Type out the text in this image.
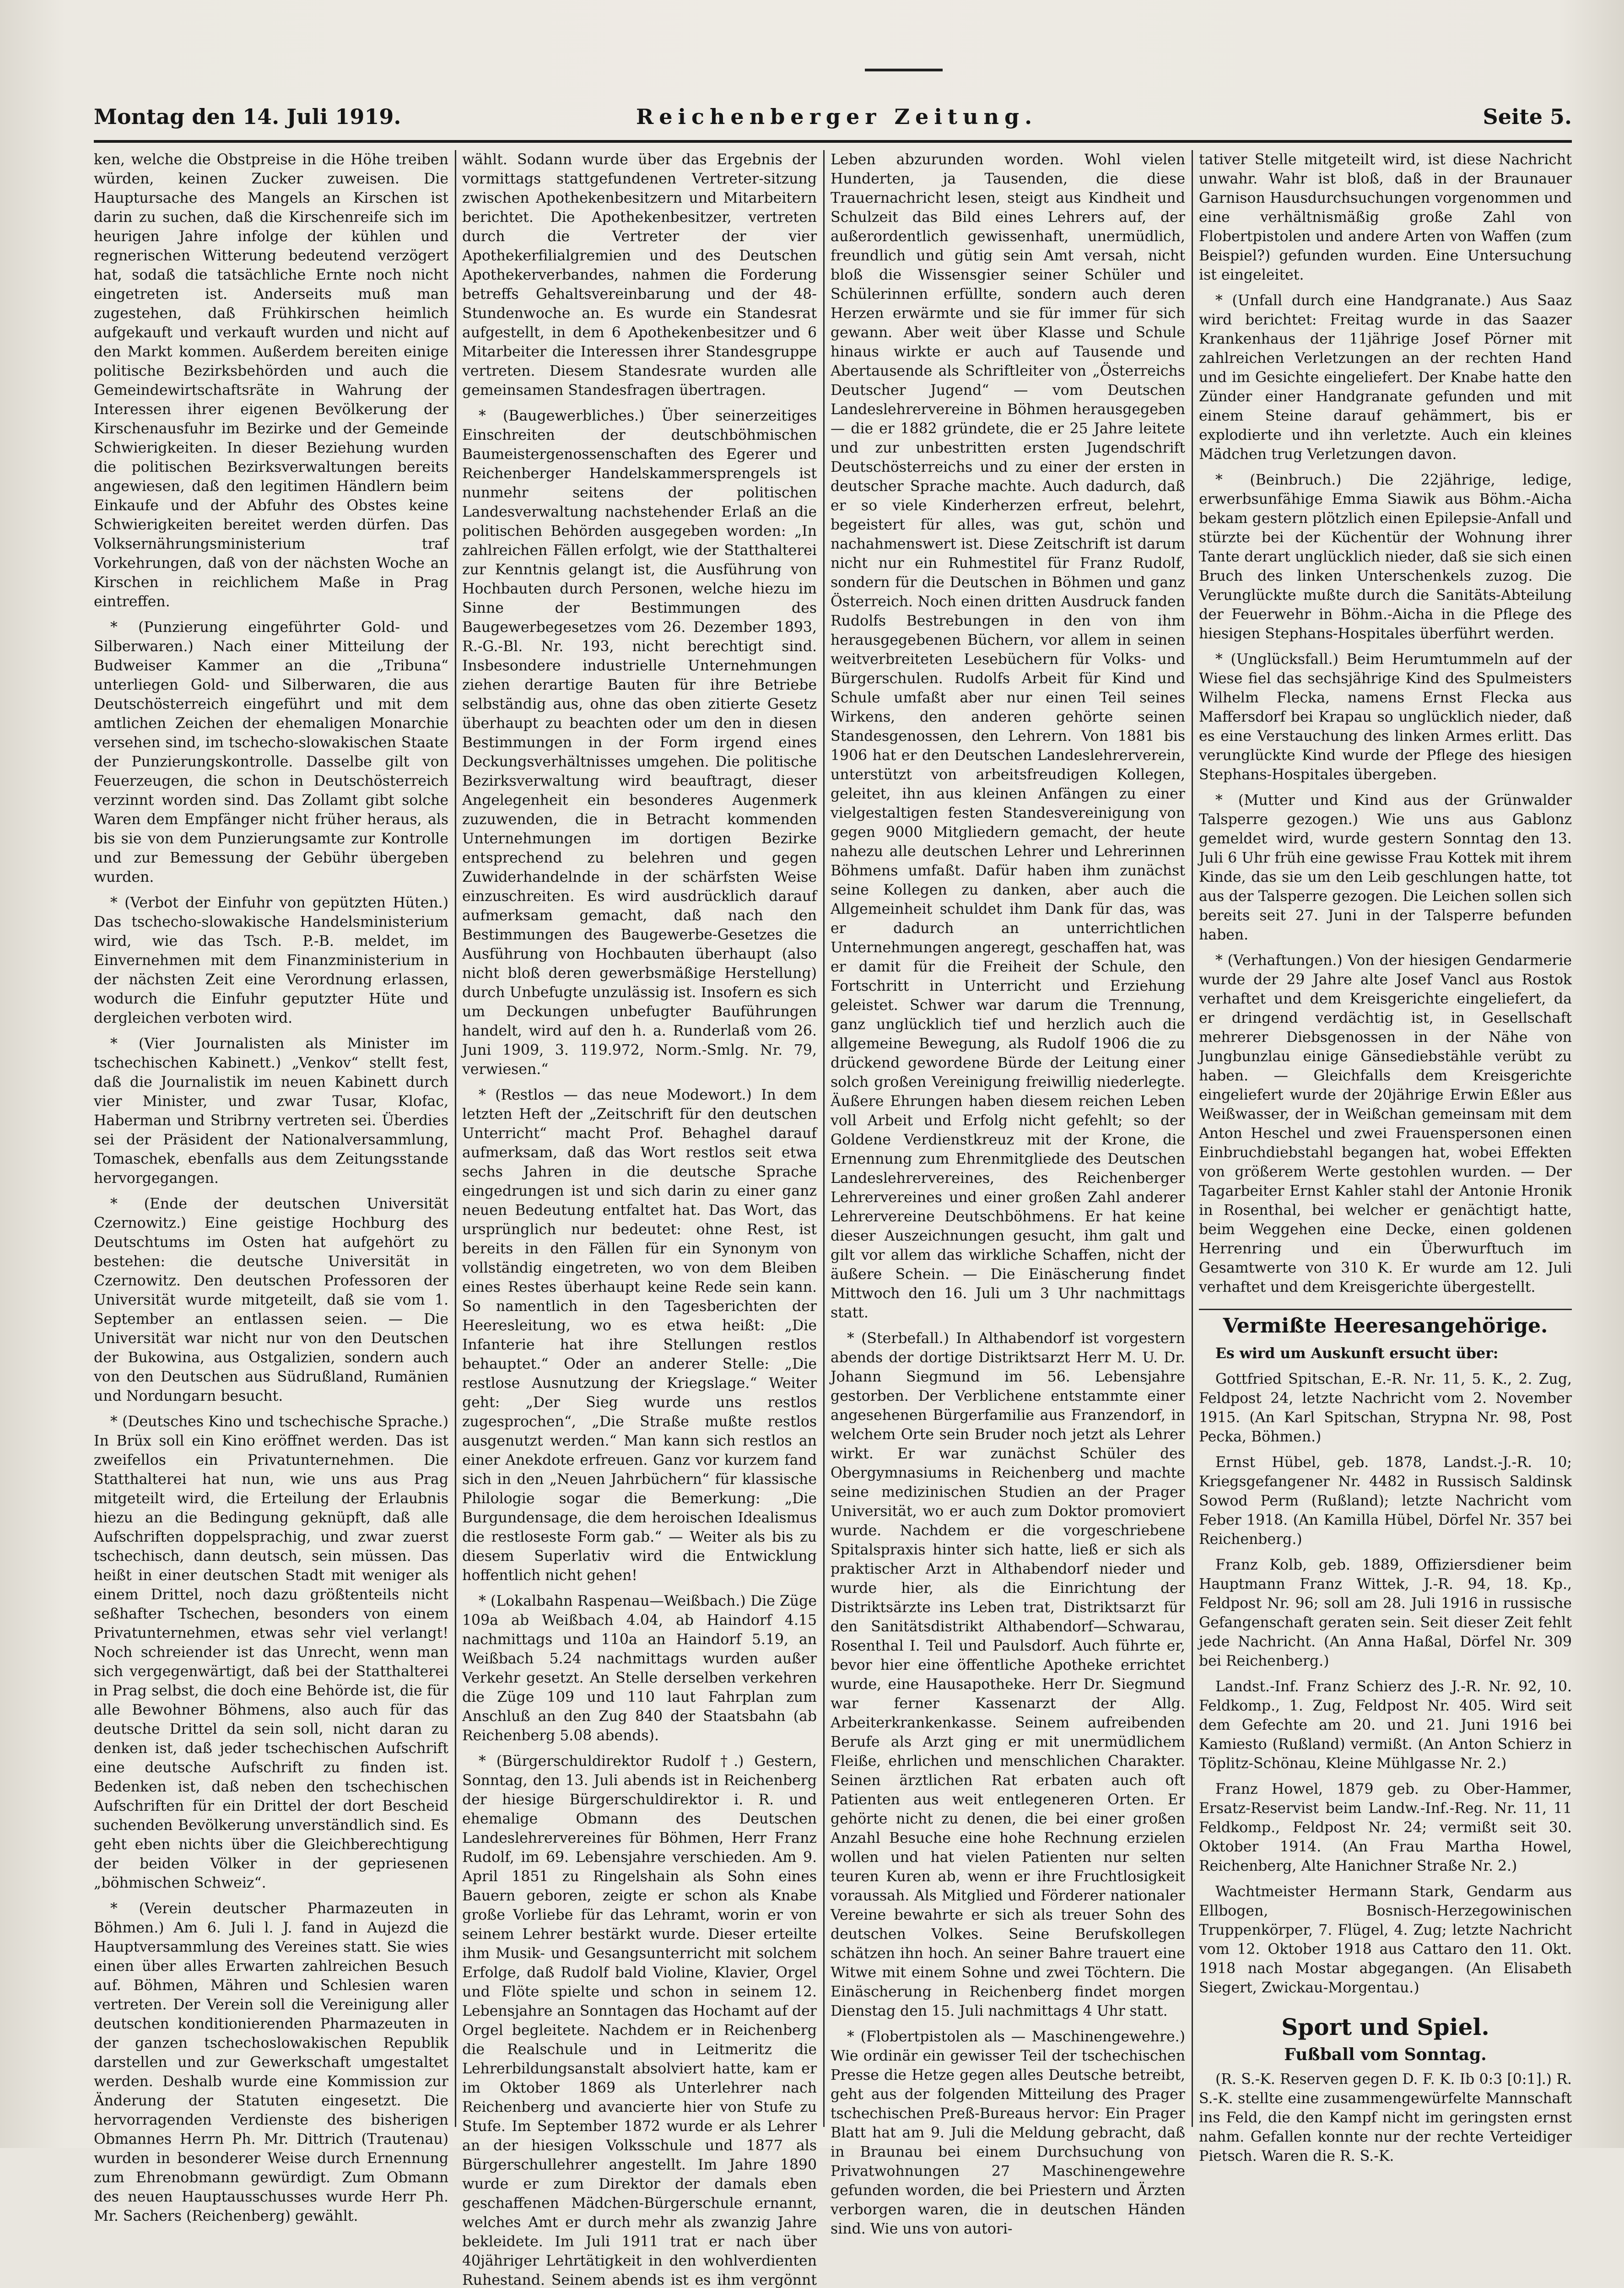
Montag den 14. Juli 1919.	Reichenberger Zeitung.	Seite 5.

ken, welche die Obstpreise in die Höhe treiben würden, keinen Zucker zuweisen. Die Hauptursache des Mangels an Kirschen ist darin zu suchen, daß die Kirschenreife sich im heurigen Jahre infolge der kühlen und regnerischen Witterung bedeutend verzögert hat, sodaß die tatsächliche Ernte noch nicht eingetreten ist. Anderseits muß man zugestehen, daß Frühkirschen heimlich aufgekauft und verkauft wurden und nicht auf den Markt kommen. Außerdem bereiten einige politische Bezirksbehörden und auch die Gemeindewirtschaftsräte in Wahrung der Interessen ihrer eigenen Bevölkerung der Kirschenausfuhr im Bezirke und der Gemeinde Schwierigkeiten. In dieser Beziehung wurden die politischen Bezirksverwaltungen bereits angewiesen, daß den legitimen Händlern beim Einkaufe und der Abfuhr des Obstes keine Schwierigkeiten bereitet werden dürfen. Das Volksernährungsministerium traf Vorkehrungen, daß von der nächsten Woche an Kirschen in reichlichem Maße in Prag eintreffen.

* (Punzierung eingeführter Gold- und Silberwaren.) Nach einer Mitteilung der Budweiser Kammer an die „Tribuna“ unterliegen Gold- und Silberwaren, die aus Deutschösterreich eingeführt und mit dem amtlichen Zeichen der ehemaligen Monarchie versehen sind, im tschecho-slowakischen Staate der Punzierungskontrolle. Dasselbe gilt von Feuerzeugen, die schon in Deutschösterreich verzinnt worden sind. Das Zollamt gibt solche Waren dem Empfänger nicht früher heraus, als bis sie von dem Punzierungsamte zur Kontrolle und zur Bemessung der Gebühr übergeben wurden.

* (Verbot der Einfuhr von gepützten Hüten.) Das tschecho-slowakische Handelsministerium wird, wie das Tsch. P.-B. meldet, im Einvernehmen mit dem Finanzministerium in der nächsten Zeit eine Verordnung erlassen, wodurch die Einfuhr geputzter Hüte und dergleichen verboten wird.

* (Vier Journalisten als Minister im tschechischen Kabinett.) „Venkov“ stellt fest, daß die Journalistik im neuen Kabinett durch vier Minister, und zwar Tusar, Klofac, Haberman und Stribrny vertreten sei. Überdies sei der Präsident der Nationalversammlung, Tomaschek, ebenfalls aus dem Zeitungsstande hervorgegangen.

* (Ende der deutschen Universität Czernowitz.) Eine geistige Hochburg des Deutschtums im Osten hat aufgehört zu bestehen: die deutsche Universität in Czernowitz. Den deutschen Professoren der Universität wurde mitgeteilt, daß sie vom 1. September an entlassen seien. — Die Universität war nicht nur von den Deutschen der Bukowina, aus Ostgalizien, sondern auch von den Deutschen aus Südrußland, Rumänien und Nordungarn besucht.

* (Deutsches Kino und tschechische Sprache.) In Brüx soll ein Kino eröffnet werden. Das ist zweifellos ein Privatunternehmen. Die Statthalterei hat nun, wie uns aus Prag mitgeteilt wird, die Erteilung der Erlaubnis hiezu an die Bedingung geknüpft, daß alle Aufschriften doppelsprachig, und zwar zuerst tschechisch, dann deutsch, sein müssen. Das heißt in einer deutschen Stadt mit weniger als einem Drittel, noch dazu größtenteils nicht seßhafter Tschechen, besonders von einem Privatunternehmen, etwas sehr viel verlangt! Noch schreiender ist das Unrecht, wenn man sich vergegenwärtigt, daß bei der Statthalterei in Prag selbst, die doch eine Behörde ist, die für alle Bewohner Böhmens, also auch für das deutsche Drittel da sein soll, nicht daran zu denken ist, daß jeder tschechischen Aufschrift eine deutsche Aufschrift zu finden ist. Bedenken ist, daß neben den tschechischen Aufschriften für ein Drittel der dort Bescheid suchenden Bevölkerung unverständlich sind. Es geht eben nichts über die Gleichberechtigung der beiden Völker in der gepriesenen „böhmischen Schweiz“.

* (Verein deutscher Pharmazeuten in Böhmen.) Am 6. Juli l. J. fand in Aujezd die Hauptversammlung des Vereines statt. Sie wies einen über alles Erwarten zahlreichen Besuch auf. Böhmen, Mähren und Schlesien waren vertreten. Der Verein soll die Vereinigung aller deutschen konditionierenden Pharmazeuten in der ganzen tschechoslowakischen Republik darstellen und zur Gewerkschaft umgestaltet werden. Deshalb wurde eine Kommission zur Änderung der Statuten eingesetzt. Die hervorragenden Verdienste des bisherigen Obmannes Herrn Ph. Mr. Dittrich (Trautenau) wurden in besonderer Weise durch Ernennung zum Ehrenobmann gewürdigt. Zum Obmann des neuen Hauptausschusses wurde Herr Ph. Mr. Sachers (Reichenberg) gewählt.

wählt. Sodann wurde über das Ergebnis der vormittags stattgefundenen Vertreter-sitzung zwischen Apothekenbesitzern und Mitarbeitern berichtet. Die Apothekenbesitzer, vertreten durch die Vertreter der vier Apothekerfilialgremien und des Deutschen Apothekerverbandes, nahmen die Forderung betreffs Gehaltsvereinbarung und der 48-Stundenwoche an. Es wurde ein Standesrat aufgestellt, in dem 6 Apothekenbesitzer und 6 Mitarbeiter die Interessen ihrer Standesgruppe vertreten. Diesem Standesrate wurden alle gemeinsamen Standesfragen übertragen.

* (Baugewerbliches.) Über seinerzeitiges Einschreiten der deutschböhmischen Baumeistergenossenschaften des Egerer und Reichenberger Handelskammersprengels ist nunmehr seitens der politischen Landesverwaltung nachstehender Erlaß an die politischen Behörden ausgegeben worden: „In zahlreichen Fällen erfolgt, wie der Statthalterei zur Kenntnis gelangt ist, die Ausführung von Hochbauten durch Personen, welche hiezu im Sinne der Bestimmungen des Baugewerbegesetzes vom 26. Dezember 1893, R.-G.-Bl. Nr. 193, nicht berechtigt sind. Insbesondere industrielle Unternehmungen ziehen derartige Bauten für ihre Betriebe selbständig aus, ohne das oben zitierte Gesetz überhaupt zu beachten oder um den in diesen Bestimmungen in der Form irgend eines Deckungsverhältnisses umgehen. Die politische Bezirksverwaltung wird beauftragt, dieser Angelegenheit ein besonderes Augenmerk zuzuwenden, die in Betracht kommenden Unternehmungen im dortigen Bezirke entsprechend zu belehren und gegen Zuwiderhandelnde in der schärfsten Weise einzuschreiten. Es wird ausdrücklich darauf aufmerksam gemacht, daß nach den Bestimmungen des Baugewerbe-Gesetzes die Ausführung von Hochbauten überhaupt (also nicht bloß deren gewerbsmäßige Herstellung) durch Unbefugte unzulässig ist. Insofern es sich um Deckungen unbefugter Bauführungen handelt, wird auf den h. a. Runderlaß vom 26. Juni 1909, 3. 119.972, Norm.-Smlg. Nr. 79, verwiesen.“

* (Restlos — das neue Modewort.) In dem letzten Heft der „Zeitschrift für den deutschen Unterricht“ macht Prof. Behaghel darauf aufmerksam, daß das Wort restlos seit etwa sechs Jahren in die deutsche Sprache eingedrungen ist und sich darin zu einer ganz neuen Bedeutung entfaltet hat. Das Wort, das ursprünglich nur bedeutet: ohne Rest, ist bereits in den Fällen für ein Synonym von vollständig eingetreten, wo von dem Bleiben eines Restes überhaupt keine Rede sein kann. So namentlich in den Tagesberichten der Heeresleitung, wo es etwa heißt: „Die Infanterie hat ihre Stellungen restlos behauptet.“ Oder an anderer Stelle: „Die restlose Ausnutzung der Kriegslage.“ Weiter geht: „Der Sieg wurde uns restlos zugesprochen“, „Die Straße mußte restlos ausgenutzt werden.“ Man kann sich restlos an einer Anekdote erfreuen. Ganz vor kurzem fand sich in den „Neuen Jahrbüchern“ für klassische Philologie sogar die Bemerkung: „Die Burgundensage, die dem heroischen Idealismus die restloseste Form gab.“ — Weiter als bis zu diesem Superlativ wird die Entwicklung hoffentlich nicht gehen!

* (Lokalbahn Raspenau—Weißbach.) Die Züge 109a ab Weißbach 4.04, ab Haindorf 4.15 nachmittags und 110a an Haindorf 5.19, an Weißbach 5.24 nachmittags wurden außer Verkehr gesetzt. An Stelle derselben verkehren die Züge 109 und 110 laut Fahrplan zum Anschluß an den Zug 840 der Staatsbahn (ab Reichenberg 5.08 abends).

* (Bürgerschuldirektor Rudolf †.) Gestern, Sonntag, den 13. Juli abends ist in Reichenberg der hiesige Bürgerschuldirektor i. R. und ehemalige Obmann des Deutschen Landeslehrervereines für Böhmen, Herr Franz Rudolf, im 69. Lebensjahre verschieden. Am 9. April 1851 zu Ringelshain als Sohn eines Bauern geboren, zeigte er schon als Knabe große Vorliebe für das Lehramt, worin er von seinem Lehrer bestärkt wurde. Dieser erteilte ihm Musik- und Gesangsunterricht mit solchem Erfolge, daß Rudolf bald Violine, Klavier, Orgel und Flöte spielte und schon in seinem 12. Lebensjahre an Sonntagen das Hochamt auf der Orgel begleitete. Nachdem er in Reichenberg die Realschule und in Leitmeritz die Lehrerbildungsanstalt absolviert hatte, kam er im Oktober 1869 als Unterlehrer nach Reichenberg und avancierte hier von Stufe zu Stufe. Im September 1872 wurde er als Lehrer an der hiesigen Volksschule und 1877 als Bürgerschullehrer angestellt. Im Jahre 1890 wurde er zum Direktor der damals eben geschaffenen Mädchen-Bürgerschule ernannt, welches Amt er durch mehr als zwanzig Jahre bekleidete. Im Juli 1911 trat er nach über 40jähriger Lehrtätigkeit in den wohlverdienten Ruhestand. Seinem abends ist es ihm vergönnt

Leben abzurunden worden. Wohl vielen Hunderten, ja Tausenden, die diese Trauernachricht lesen, steigt aus Kindheit und Schulzeit das Bild eines Lehrers auf, der außerordentlich gewissenhaft, unermüdlich, freundlich und gütig sein Amt versah, nicht bloß die Wissensgier seiner Schüler und Schülerinnen erfüllte, sondern auch deren Herzen erwärmte und sie für immer für sich gewann. Aber weit über Klasse und Schule hinaus wirkte er auch auf Tausende und Abertausende als Schriftleiter von „Österreichs Deutscher Jugend“ — vom Deutschen Landeslehrervereine in Böhmen herausgegeben — die er 1882 gründete, die er 25 Jahre leitete und zur unbestritten ersten Jugendschrift Deutschösterreichs und zu einer der ersten in deutscher Sprache machte. Auch dadurch, daß er so viele Kinderherzen erfreut, belehrt, begeistert für alles, was gut, schön und nachahmenswert ist. Diese Zeitschrift ist darum nicht nur ein Ruhmestitel für Franz Rudolf, sondern für die Deutschen in Böhmen und ganz Österreich. Noch einen dritten Ausdruck fanden Rudolfs Bestrebungen in den von ihm herausgegebenen Büchern, vor allem in seinen weitverbreiteten Lesebüchern für Volks- und Bürgerschulen. Rudolfs Arbeit für Kind und Schule umfaßt aber nur einen Teil seines Wirkens, den anderen gehörte seinen Standesgenossen, den Lehrern. Von 1881 bis 1906 hat er den Deutschen Landeslehrerverein, unterstützt von arbeitsfreudigen Kollegen, geleitet, ihn aus kleinen Anfängen zu einer vielgestaltigen festen Standesvereinigung von gegen 9000 Mitgliedern gemacht, der heute nahezu alle deutschen Lehrer und Lehrerinnen Böhmens umfaßt. Dafür haben ihm zunächst seine Kollegen zu danken, aber auch die Allgemeinheit schuldet ihm Dank für das, was er dadurch an unterrichtlichen Unternehmungen angeregt, geschaffen hat, was er damit für die Freiheit der Schule, den Fortschritt in Unterricht und Erziehung geleistet. Schwer war darum die Trennung, ganz unglücklich tief und herzlich auch die allgemeine Bewegung, als Rudolf 1906 die zu drückend gewordene Bürde der Leitung einer solch großen Vereinigung freiwillig niederlegte. Äußere Ehrungen haben diesem reichen Leben voll Arbeit und Erfolg nicht gefehlt; so der Goldene Verdienstkreuz mit der Krone, die Ernennung zum Ehrenmitgliede des Deutschen Landeslehrervereines, des Reichenberger Lehrervereines und einer großen Zahl anderer Lehrervereine Deutschböhmens. Er hat keine dieser Auszeichnungen gesucht, ihm galt und gilt vor allem das wirkliche Schaffen, nicht der äußere Schein. — Die Einäscherung findet Mittwoch den 16. Juli um 3 Uhr nachmittags statt.

* (Sterbefall.) In Althabendorf ist vorgestern abends der dortige Distriktsarzt Herr M. U. Dr. Johann Siegmund im 56. Lebensjahre gestorben. Der Verblichene entstammte einer angesehenen Bürgerfamilie aus Franzendorf, in welchem Orte sein Bruder noch jetzt als Lehrer wirkt. Er war zunächst Schüler des Obergymnasiums in Reichenberg und machte seine medizinischen Studien an der Prager Universität, wo er auch zum Doktor promoviert wurde. Nachdem er die vorgeschriebene Spitalspraxis hinter sich hatte, ließ er sich als praktischer Arzt in Althabendorf nieder und wurde hier, als die Einrichtung der Distriktsärzte ins Leben trat, Distriktsarzt für den Sanitätsdistrikt Althabendorf—Schwarau, Rosenthal I. Teil und Paulsdorf. Auch führte er, bevor hier eine öffentliche Apotheke errichtet wurde, eine Hausapotheke. Herr Dr. Siegmund war ferner Kassenarzt der Allg. Arbeiterkrankenkasse. Seinem aufreibenden Berufe als Arzt ging er mit unermüdlichem Fleiße, ehrlichen und menschlichen Charakter. Seinen ärztlichen Rat erbaten auch oft Patienten aus weit entlegeneren Orten. Er gehörte nicht zu denen, die bei einer großen Anzahl Besuche eine hohe Rechnung erzielen wollen und hat vielen Patienten nur selten teuren Kuren ab, wenn er ihre Fruchtlosigkeit voraussah. Als Mitglied und Förderer nationaler Vereine bewahrte er sich als treuer Sohn des deutschen Volkes. Seine Berufskollegen schätzen ihn hoch. An seiner Bahre trauert eine Witwe mit einem Sohne und zwei Töchtern. Die Einäscherung in Reichenberg findet morgen Dienstag den 15. Juli nachmittags 4 Uhr statt.

* (Flobertpistolen als — Maschinengewehre.) Wie ordinär ein gewisser Teil der tschechischen Presse die Hetze gegen alles Deutsche betreibt, geht aus der folgenden Mitteilung des Prager tschechischen Preß-Bureaus hervor: Ein Prager Blatt hat am 9. Juli die Meldung gebracht, daß in Braunau bei einem Durchsuchung von Privatwohnungen 27 Maschinengewehre gefunden worden, die bei Priestern und Ärzten verborgen waren, die in deutschen Händen sind. Wie uns von autori-

tativer Stelle mitgeteilt wird, ist diese Nachricht unwahr. Wahr ist bloß, daß in der Braunauer Garnison Hausdurchsuchungen vorgenommen und eine verhältnismäßig große Zahl von Flobertpistolen und andere Arten von Waffen (zum Beispiel?) gefunden wurden. Eine Untersuchung ist eingeleitet.

* (Unfall durch eine Handgranate.) Aus Saaz wird berichtet: Freitag wurde in das Saazer Krankenhaus der 11jährige Josef Pörner mit zahlreichen Verletzungen an der rechten Hand und im Gesichte eingeliefert. Der Knabe hatte den Zünder einer Handgranate gefunden und mit einem Steine darauf gehämmert, bis er explodierte und ihn verletzte. Auch ein kleines Mädchen trug Verletzungen davon.

* (Beinbruch.) Die 22jährige, ledige, erwerbsunfähige Emma Siawik aus Böhm.-Aicha bekam gestern plötzlich einen Epilepsie-Anfall und stürzte bei der Küchentür der Wohnung ihrer Tante derart unglücklich nieder, daß sie sich einen Bruch des linken Unterschenkels zuzog. Die Verunglückte mußte durch die Sanitäts-Abteilung der Feuerwehr in Böhm.-Aicha in die Pflege des hiesigen Stephans-Hospitales überführt werden.

* (Unglücksfall.) Beim Herumtummeln auf der Wiese fiel das sechsjährige Kind des Spulmeisters Wilhelm Flecka, namens Ernst Flecka aus Maffersdorf bei Krapau so unglücklich nieder, daß es eine Verstauchung des linken Armes erlitt. Das verunglückte Kind wurde der Pflege des hiesigen Stephans-Hospitales übergeben.

* (Mutter und Kind aus der Grünwalder Talsperre gezogen.) Wie uns aus Gablonz gemeldet wird, wurde gestern Sonntag den 13. Juli 6 Uhr früh eine gewisse Frau Kottek mit ihrem Kinde, das sie um den Leib geschlungen hatte, tot aus der Talsperre gezogen. Die Leichen sollen sich bereits seit 27. Juni in der Talsperre befunden haben.

* (Verhaftungen.) Von der hiesigen Gendarmerie wurde der 29 Jahre alte Josef Vancl aus Rostok verhaftet und dem Kreisgerichte eingeliefert, da er dringend verdächtig ist, in Gesellschaft mehrerer Diebsgenossen in der Nähe von Jungbunzlau einige Gänsediebstähle verübt zu haben. — Gleichfalls dem Kreisgerichte eingeliefert wurde der 20jährige Erwin Eßler aus Weißwasser, der in Weißchan gemeinsam mit dem Anton Heschel und zwei Frauenspersonen einen Einbruchdiebstahl begangen hat, wobei Effekten von größerem Werte gestohlen wurden. — Der Tagarbeiter Ernst Kahler stahl der Antonie Hronik in Rosenthal, bei welcher er genächtigt hatte, beim Weggehen eine Decke, einen goldenen Herrenring und ein Überwurftuch im Gesamtwerte von 310 K. Er wurde am 12. Juli verhaftet und dem Kreisgerichte übergestellt.

Vermißte Heeresangehörige.

Es wird um Auskunft ersucht über:

Gottfried Spitschan, E.-R. Nr. 11, 5. K., 2. Zug, Feldpost 24, letzte Nachricht vom 2. November 1915. (An Karl Spitschan, Strypna Nr. 98, Post Pecka, Böhmen.)

Ernst Hübel, geb. 1878, Landst.-J.-R. 10; Kriegsgefangener Nr. 4482 in Russisch Saldinsk Sowod Perm (Rußland); letzte Nachricht vom Feber 1918. (An Kamilla Hübel, Dörfel Nr. 357 bei Reichenberg.)

Franz Kolb, geb. 1889, Offiziersdiener beim Hauptmann Franz Wittek, J.-R. 94, 18. Kp., Feldpost Nr. 96; soll am 28. Juli 1916 in russische Gefangenschaft geraten sein. Seit dieser Zeit fehlt jede Nachricht. (An Anna Haßal, Dörfel Nr. 309 bei Reichenberg.)

Landst.-Inf. Franz Schierz des J.-R. Nr. 92, 10. Feldkomp., 1. Zug, Feldpost Nr. 405. Wird seit dem Gefechte am 20. und 21. Juni 1916 bei Kamiesto (Rußland) vermißt. (An Anton Schierz in Töplitz-Schönau, Kleine Mühlgasse Nr. 2.)

Franz Howel, 1879 geb. zu Ober-Hammer, Ersatz-Reservist beim Landw.-Inf.-Reg. Nr. 11, 11 Feldkomp., Feldpost Nr. 24; vermißt seit 30. Oktober 1914. (An Frau Martha Howel, Reichenberg, Alte Hanichner Straße Nr. 2.)

Wachtmeister Hermann Stark, Gendarm aus Ellbogen, Bosnisch-Herzegowinischen Truppenkörper, 7. Flügel, 4. Zug; letzte Nachricht vom 12. Oktober 1918 aus Cattaro den 11. Okt. 1918 nach Mostar abgegangen. (An Elisabeth Siegert, Zwickau-Morgentau.)

Sport und Spiel.
Fußball vom Sonntag.

(R. S.-K. Reserven gegen D. F. K. Ib 0:3 [0:1].) R. S.-K. stellte eine zusammengewürfelte Mannschaft ins Feld, die den Kampf nicht im geringsten ernst nahm. Gefallen konnte nur der rechte Verteidiger Pietsch. Waren die R. S.-K.
